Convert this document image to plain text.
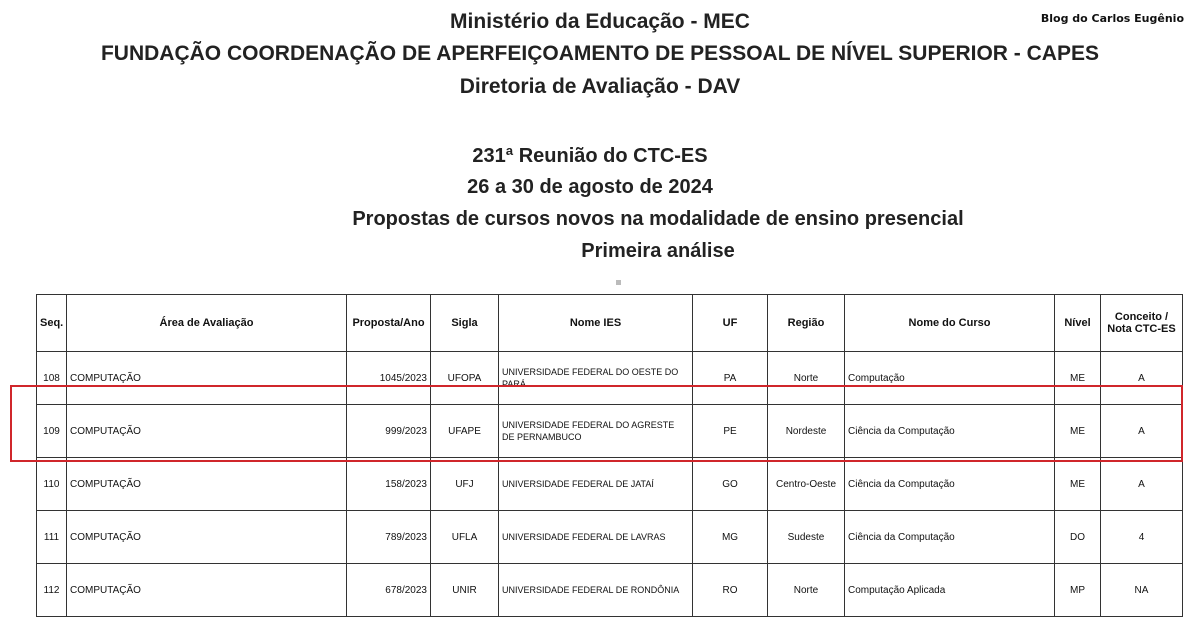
Blog do Carlos Eugênio
Ministério da Educação - MEC
FUNDAÇÃO COORDENAÇÃO DE APERFEIÇOAMENTO DE PESSOAL DE NÍVEL SUPERIOR - CAPES
Diretoria de Avaliação - DAV
231ª Reunião do CTC-ES
26 a 30 de agosto de 2024
Propostas de cursos novos na modalidade de ensino presencial
Primeira análise
Seq.	Área de Avaliação	Proposta/Ano	Sigla	Nome IES	UF	Região	Nome do Curso	Nível	Conceito / Nota CTC-ES
108	COMPUTAÇÃO	1045/2023	UFOPA	UNIVERSIDADE FEDERAL DO OESTE DO PARÁ	PA	Norte	Computação	ME	A
109	COMPUTAÇÃO	999/2023	UFAPE	UNIVERSIDADE FEDERAL DO AGRESTE DE PERNAMBUCO	PE	Nordeste	Ciência da Computação	ME	A
110	COMPUTAÇÃO	158/2023	UFJ	UNIVERSIDADE FEDERAL DE JATAÍ	GO	Centro-Oeste	Ciência da Computação	ME	A
111	COMPUTAÇÃO	789/2023	UFLA	UNIVERSIDADE FEDERAL DE LAVRAS	MG	Sudeste	Ciência da Computação	DO	4
112	COMPUTAÇÃO	678/2023	UNIR	UNIVERSIDADE FEDERAL DE RONDÔNIA	RO	Norte	Computação Aplicada	MP	NA
